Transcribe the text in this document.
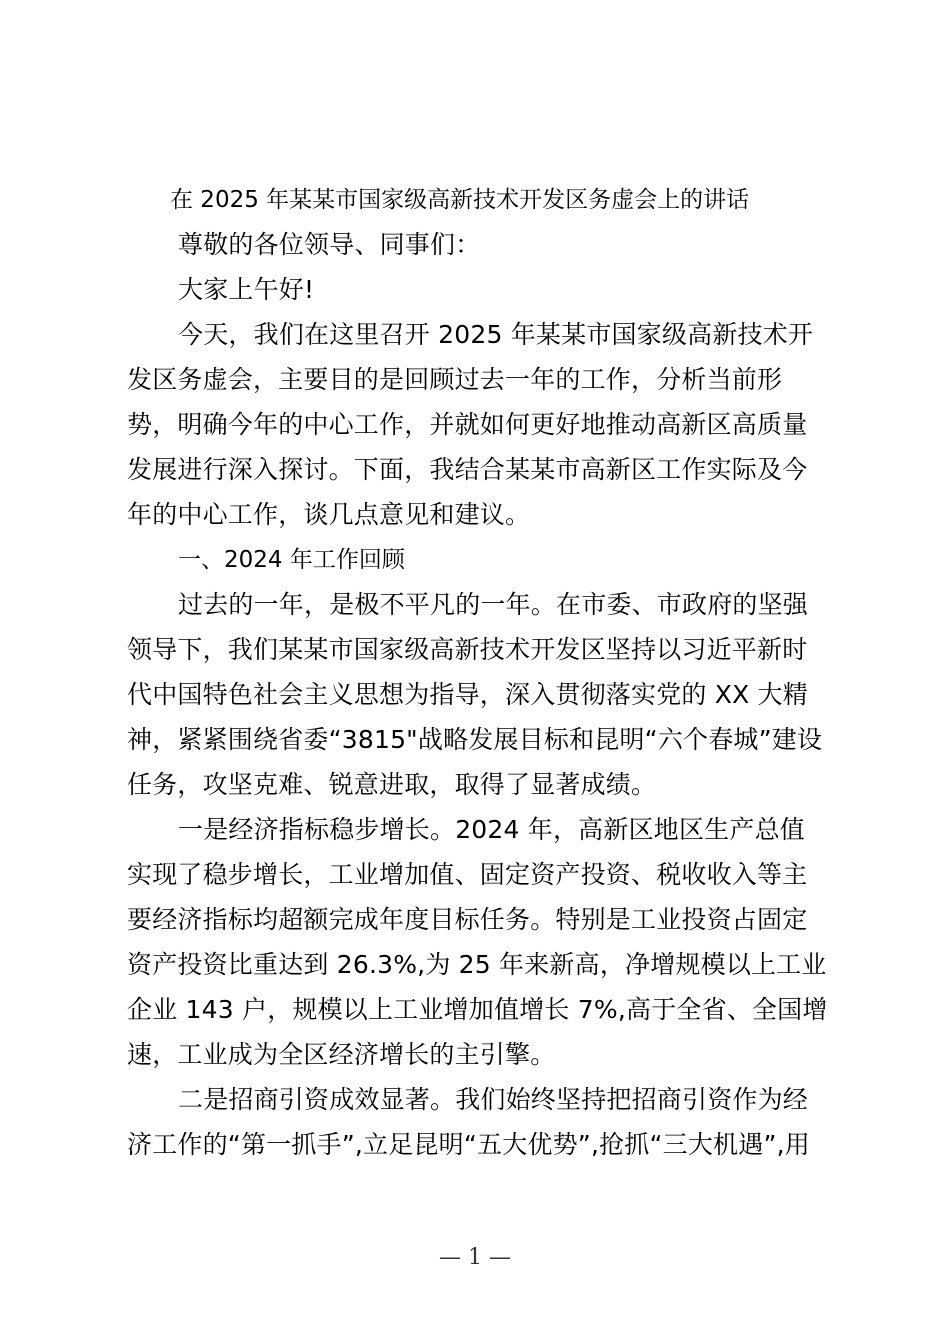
在 2025 年某某市国家级高新技术开发区务虚会上的讲话
尊敬的各位领导、同事们：
大家上午好!
今天，我们在这里召开 2025 年某某市国家级高新技术开
发区务虚会，主要目的是回顾过去一年的工作，分析当前形
势，明确今年的中心工作，并就如何更好地推动高新区高质量
发展进行深入探讨。下面，我结合某某市高新区工作实际及今
年的中心工作，谈几点意见和建议。
一、2024 年工作回顾
过去的一年，是极不平凡的一年。在市委、市政府的坚强
领导下，我们某某市国家级高新技术开发区坚持以习近平新时
代中国特色社会主义思想为指导，深入贯彻落实党的 XX 大精
神，紧紧围绕省委“3815"战略发展目标和昆明“六个春城”建设
任务，攻坚克难、锐意进取，取得了显著成绩。
一是经济指标稳步增长。2024 年，高新区地区生产总值
实现了稳步增长，工业增加值、固定资产投资、税收收入等主
要经济指标均超额完成年度目标任务。特别是工业投资占固定
资产投资比重达到 26.3%,为 25 年来新高，净增规模以上工业
企业 143 户，规模以上工业增加值增长 7%,高于全省、全国增
速，工业成为全区经济增长的主引擎。
二是招商引资成效显著。我们始终坚持把招商引资作为经
济工作的“第一抓手”,立足昆明“五大优势”,抢抓“三大机遇”,用
— 1 —
